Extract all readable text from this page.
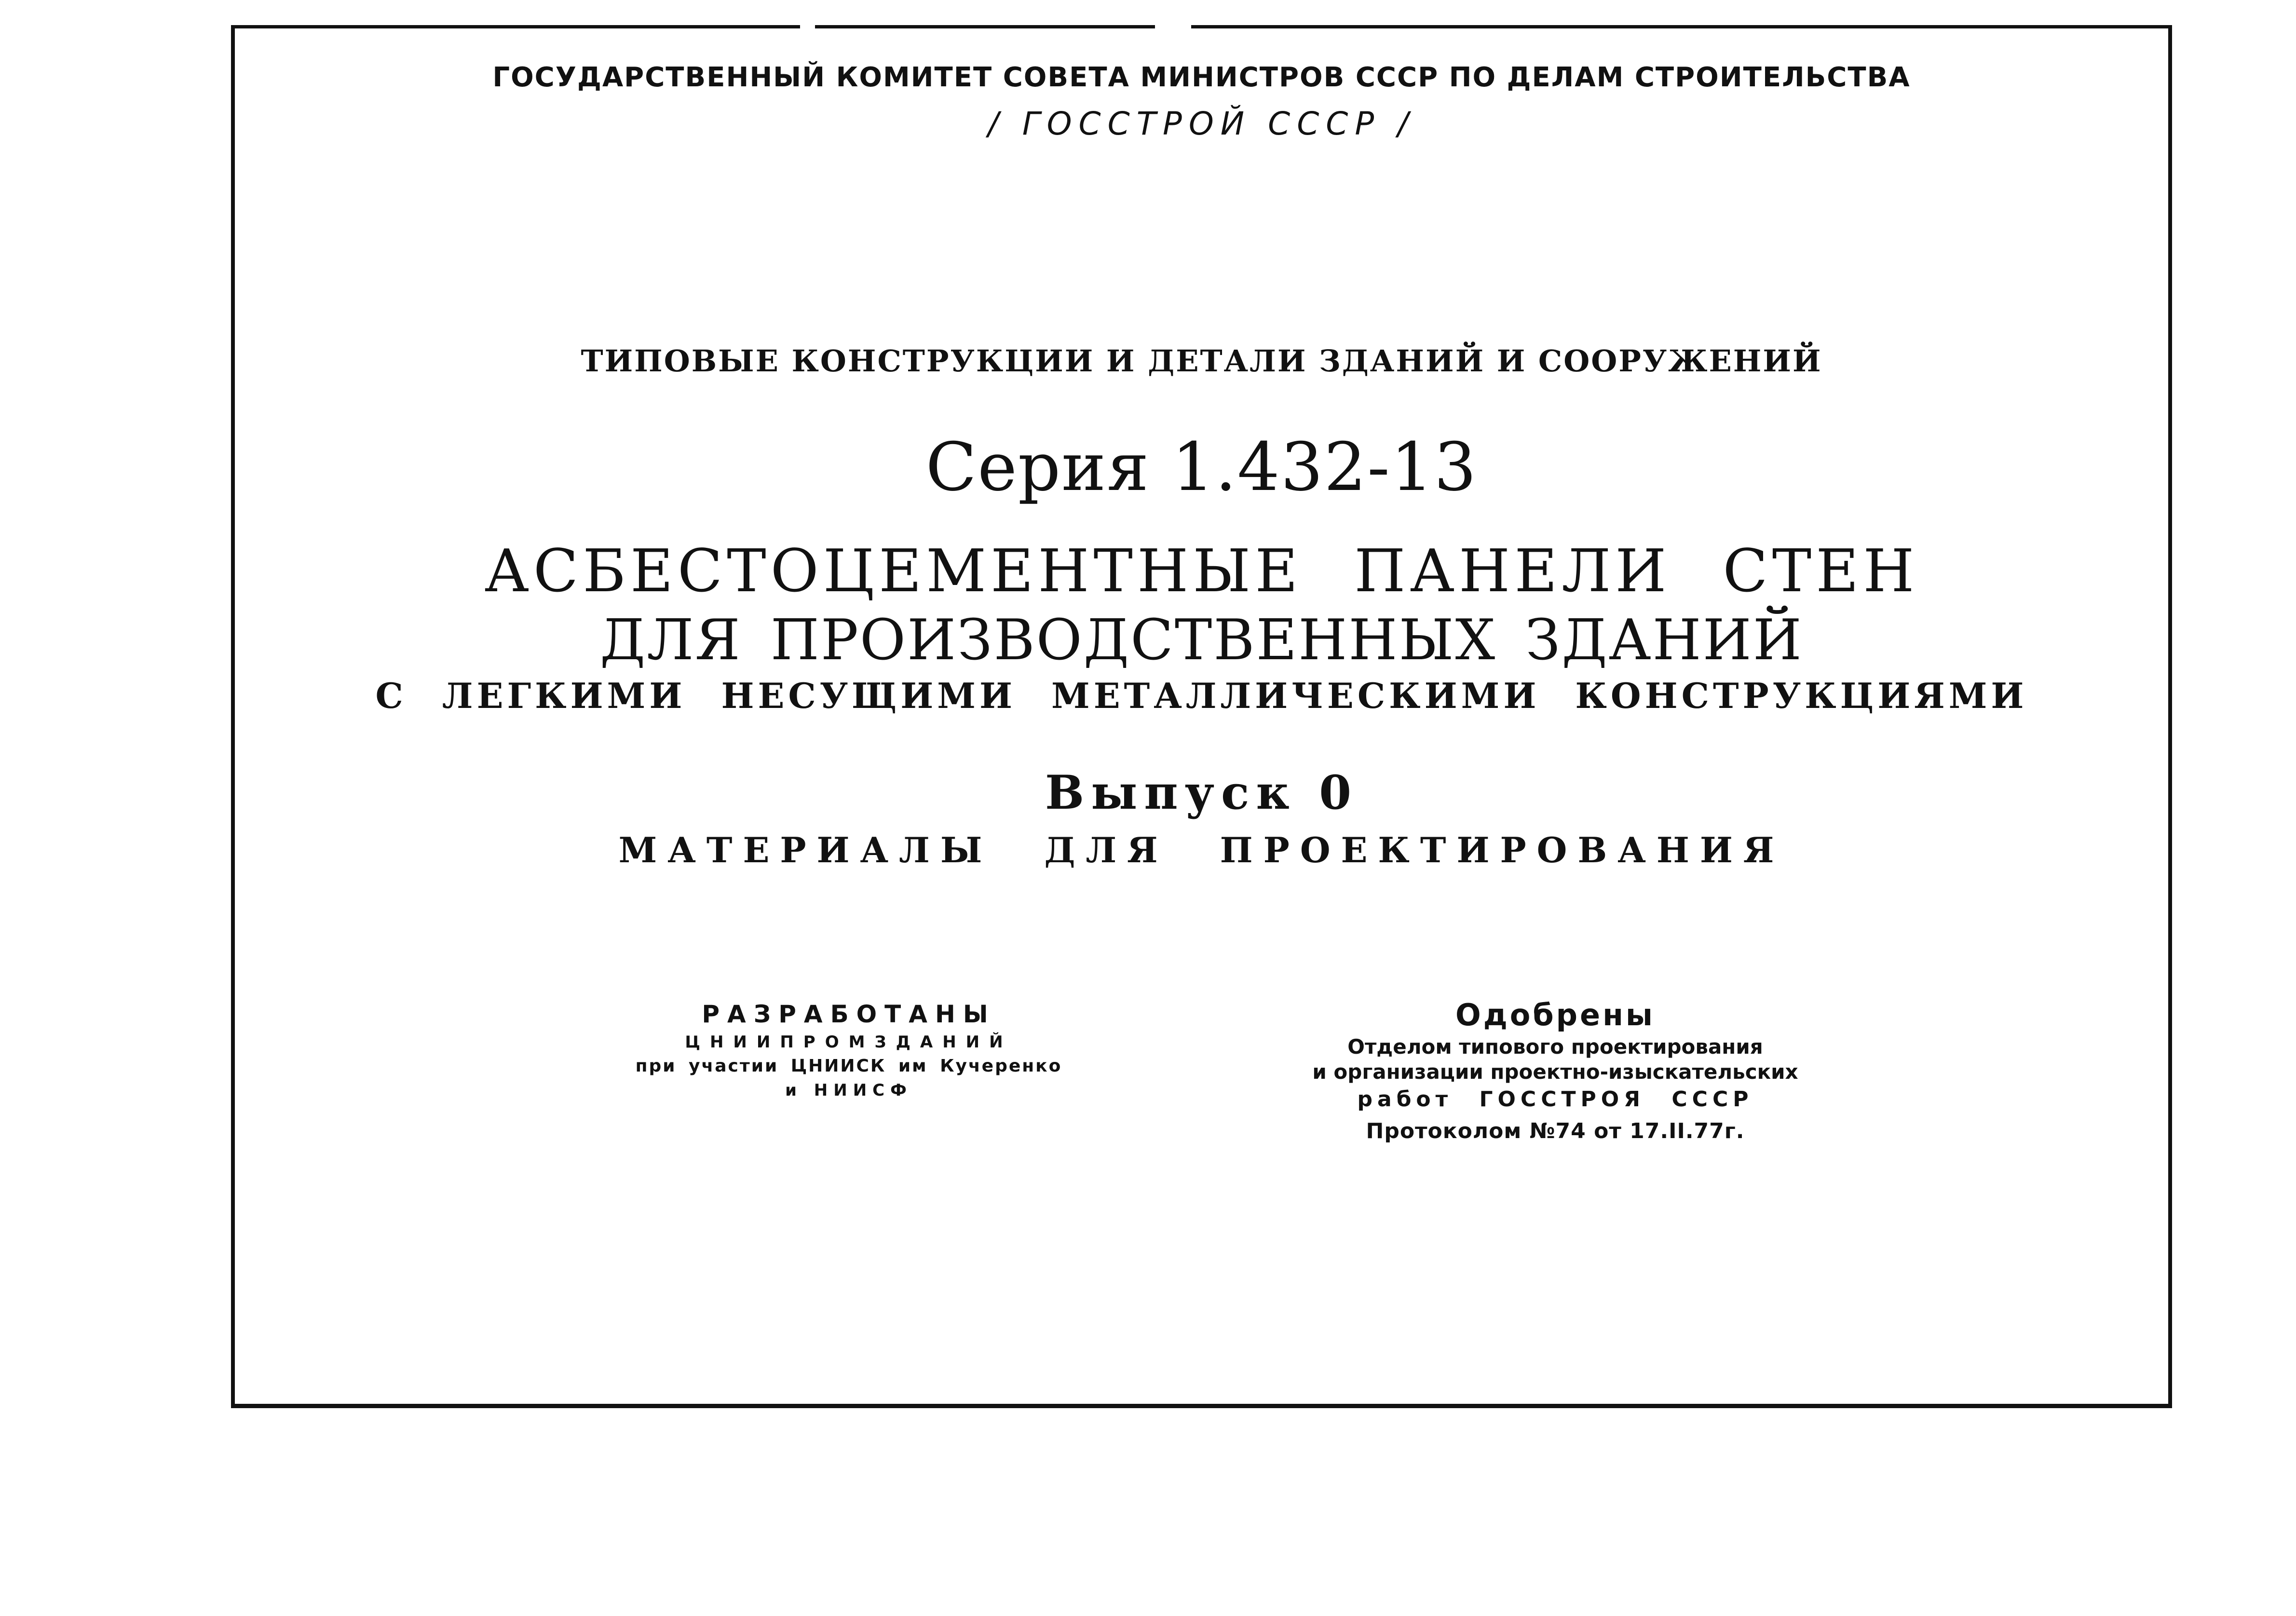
ГОСУДАРСТВЕННЫЙ КОМИТЕТ СОВЕТА МИНИСТРОВ СССР ПО ДЕЛАМ СТРОИТЕЛЬСТВА
/ ГОССТРОЙ СССР /
ТИПОВЫЕ КОНСТРУКЦИИ И ДЕТАЛИ ЗДАНИЙ И СООРУЖЕНИЙ
Серия 1.432-13
АСБЕСТОЦЕМЕНТНЫЕ ПАНЕЛИ СТЕН
ДЛЯ ПРОИЗВОДСТВЕННЫХ ЗДАНИЙ
С ЛЕГКИМИ НЕСУЩИМИ МЕТАЛЛИЧЕСКИМИ КОНСТРУКЦИЯМИ
Выпуск 0
МАТЕРИАЛЫ ДЛЯ ПРОЕКТИРОВАНИЯ
РАЗРАБОТАНЫ
ЦНИИПРОМЗДАНИЙ
при участии ЦНИИСК им Кучеренко
и НИИСФ
Одобрены
Отделом типового проектирования
и организации проектно-изыскательских
работ ГОССТРОЯ СССР
Протоколом №74 от 17.II.77г.
